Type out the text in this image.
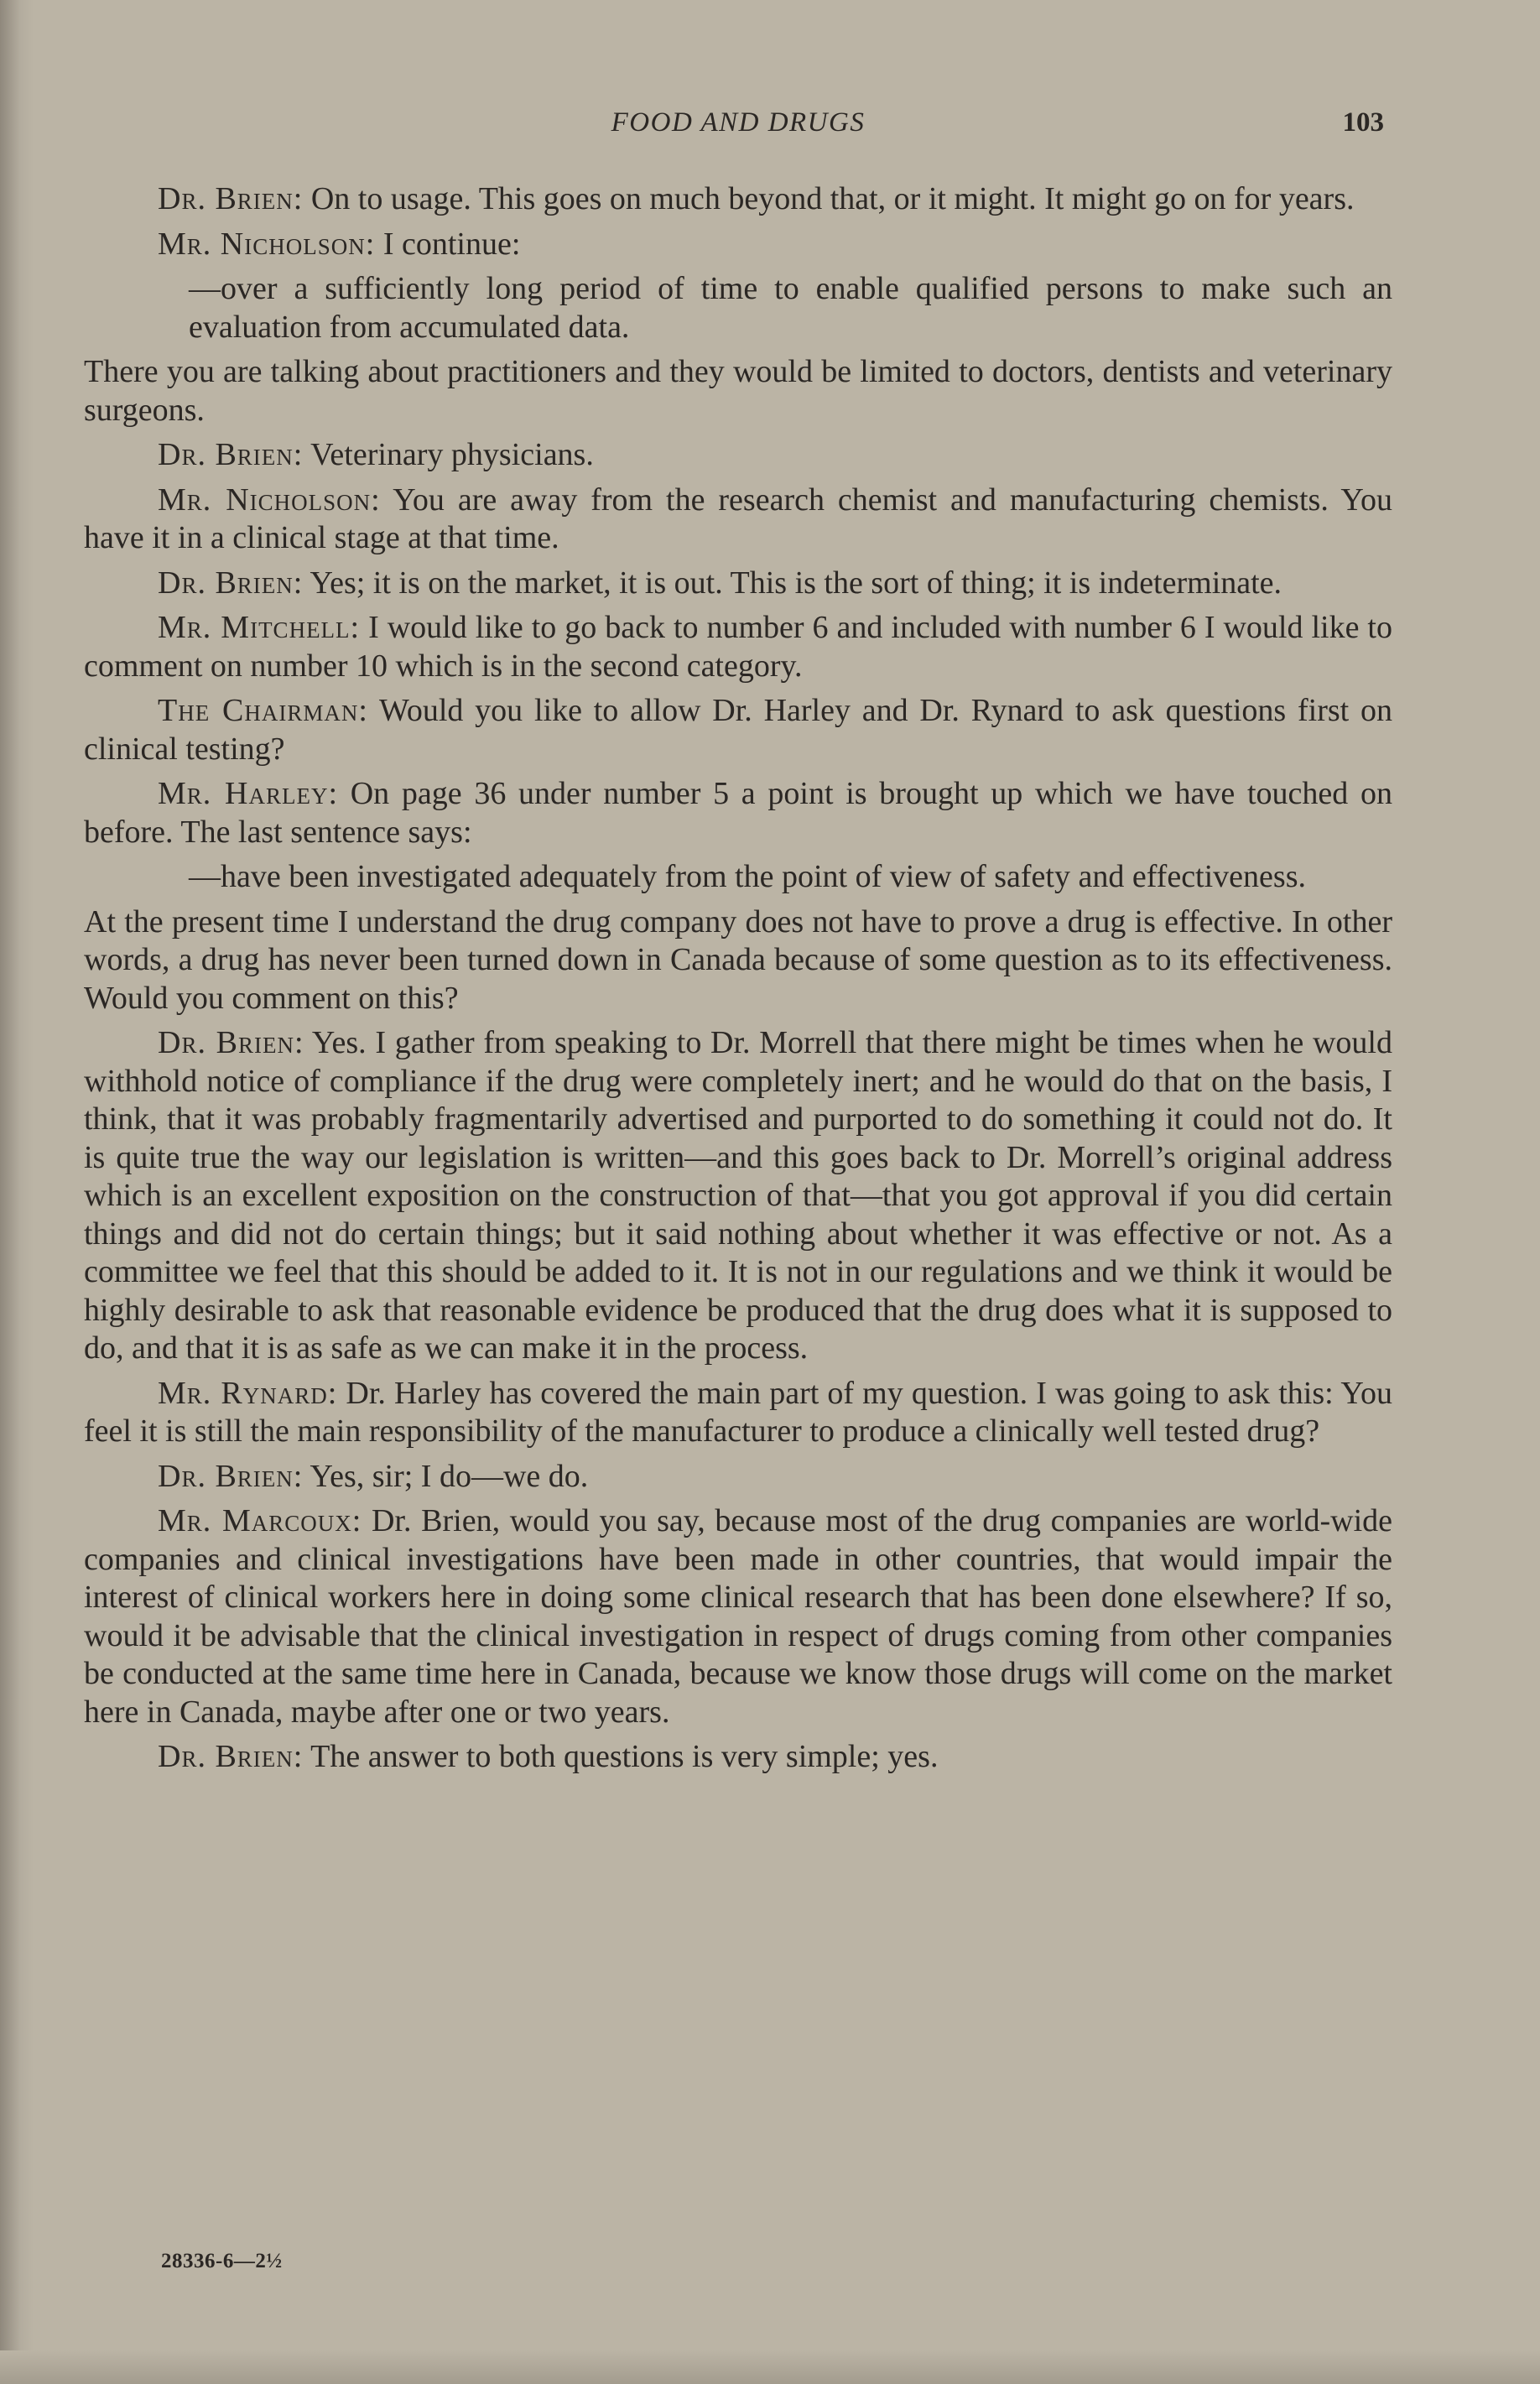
FOOD AND DRUGS	103

Dr. Brien: On to usage. This goes on much beyond that, or it might. It might go on for years.

Mr. Nicholson: I continue:

—over a sufficiently long period of time to enable qualified persons to make such an evaluation from accumulated data.

There you are talking about practitioners and they would be limited to doctors, dentists and veterinary surgeons.

Dr. Brien: Veterinary physicians.

Mr. Nicholson: You are away from the research chemist and manufacturing chemists. You have it in a clinical stage at that time.

Dr. Brien: Yes; it is on the market, it is out. This is the sort of thing; it is indeterminate.

Mr. Mitchell: I would like to go back to number 6 and included with number 6 I would like to comment on number 10 which is in the second category.

The Chairman: Would you like to allow Dr. Harley and Dr. Rynard to ask questions first on clinical testing?

Mr. Harley: On page 36 under number 5 a point is brought up which we have touched on before. The last sentence says:

—have been investigated adequately from the point of view of safety and effectiveness.

At the present time I understand the drug company does not have to prove a drug is effective. In other words, a drug has never been turned down in Canada because of some question as to its effectiveness. Would you comment on this?

Dr. Brien: Yes. I gather from speaking to Dr. Morrell that there might be times when he would withhold notice of compliance if the drug were completely inert; and he would do that on the basis, I think, that it was probably fragmentarily advertised and purported to do something it could not do. It is quite true the way our legislation is written—and this goes back to Dr. Morrell’s original address which is an excellent exposition on the construction of that—that you got approval if you did certain things and did not do certain things; but it said nothing about whether it was effective or not. As a committee we feel that this should be added to it. It is not in our regulations and we think it would be highly desirable to ask that reasonable evidence be produced that the drug does what it is supposed to do, and that it is as safe as we can make it in the process.

Mr. Rynard: Dr. Harley has covered the main part of my question. I was going to ask this: You feel it is still the main responsibility of the manufacturer to produce a clinically well tested drug?

Dr. Brien: Yes, sir; I do—we do.

Mr. Marcoux: Dr. Brien, would you say, because most of the drug companies are world-wide companies and clinical investigations have been made in other countries, that would impair the interest of clinical workers here in doing some clinical research that has been done elsewhere? If so, would it be advisable that the clinical investigation in respect of drugs coming from other companies be conducted at the same time here in Canada, because we know those drugs will come on the market here in Canada, maybe after one or two years.

Dr. Brien: The answer to both questions is very simple; yes.

28336-6—2½
